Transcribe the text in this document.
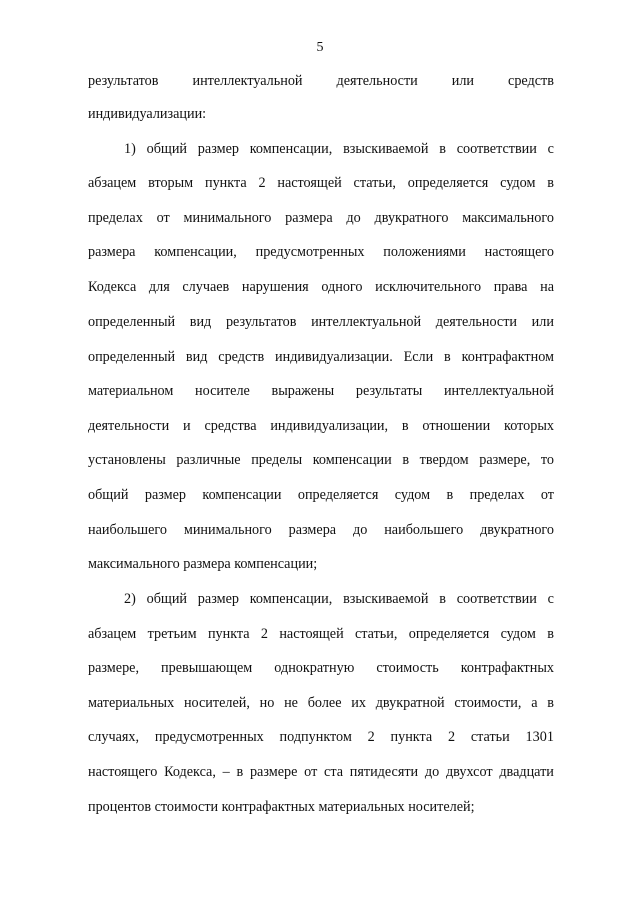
5
результатов интеллектуальной деятельности или средств
индивидуализации:
1) общий размер компенсации, взыскиваемой в соответствии с
абзацем вторым пункта 2 настоящей статьи, определяется судом в
пределах от минимального размера до двукратного максимального
размера компенсации, предусмотренных положениями настоящего
Кодекса для случаев нарушения одного исключительного права на
определенный вид результатов интеллектуальной деятельности или
определенный вид средств индивидуализации. Если в контрафактном
материальном носителе выражены результаты интеллектуальной
деятельности и средства индивидуализации, в отношении которых
установлены различные пределы компенсации в твердом размере, то
общий размер компенсации определяется судом в пределах от
наибольшего минимального размера до наибольшего двукратного
максимального размера компенсации;
2) общий размер компенсации, взыскиваемой в соответствии с
абзацем третьим пункта 2 настоящей статьи, определяется судом в
размере, превышающем однократную стоимость контрафактных
материальных носителей, но не более их двукратной стоимости, а в
случаях, предусмотренных подпунктом 2 пункта 2 статьи 1301
настоящего Кодекса, – в размере от ста пятидесяти до двухсот двадцати
процентов стоимости контрафактных материальных носителей;
